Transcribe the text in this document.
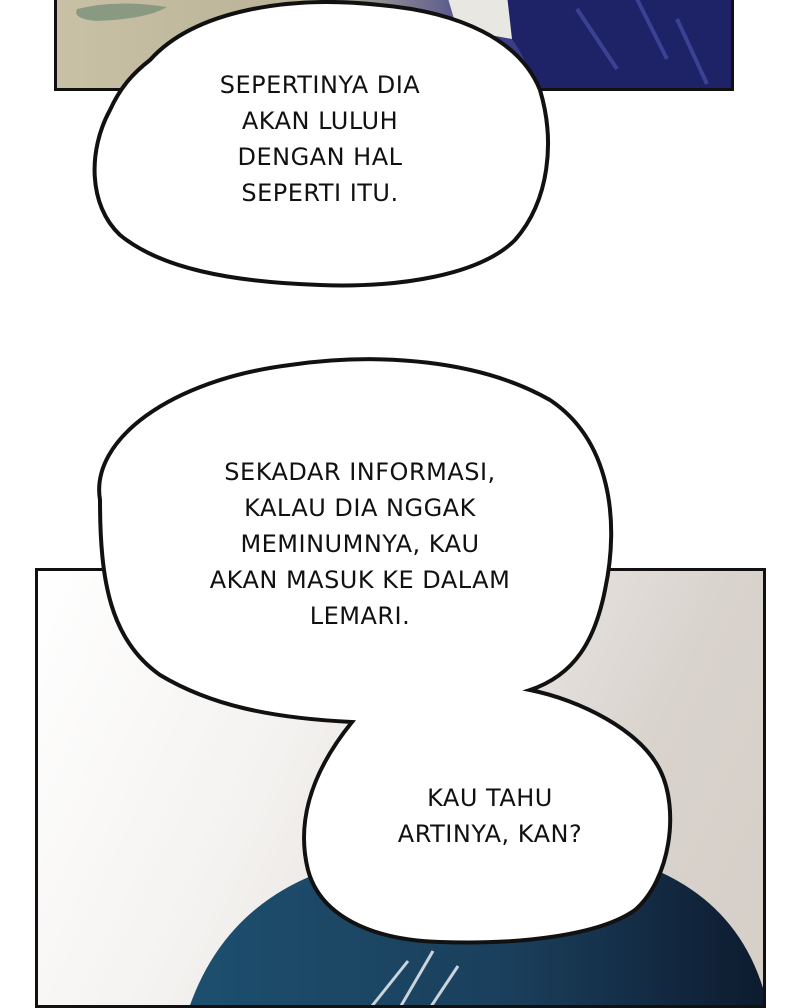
SEPERTINYA DIA
AKAN LULUH
DENGAN HAL
SEPERTI ITU.
SEKADAR INFORMASI,
KALAU DIA NGGAK
MEMINUMNYA, KAU
AKAN MASUK KE DALAM
LEMARI.
KAU TAHU
ARTINYA, KAN?
